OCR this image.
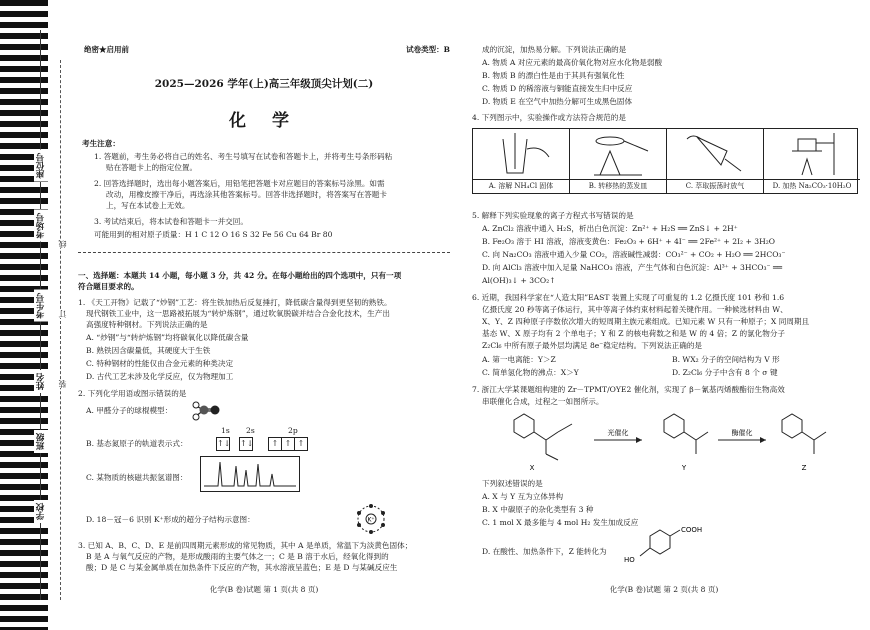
学校
班级
姓名
考生号
考场号
座位号
装
订
线
绝密★启用前	试卷类型：B
2025—2026 学年(上)高三年级顶尖计划(二)
化 学
考生注意：
1. 答题前，考生务必将自己的姓名、考生号填写在试卷和答题卡上，并将考生号条形码粘
贴在答题卡上的指定位置。
2. 回答选择题时，选出每小题答案后，用铅笔把答题卡对应题目的答案标号涂黑。如需
改动，用橡皮擦干净后，再选涂其他答案标号。回答非选择题时，将答案写在答题卡
上，写在本试卷上无效。
3. 考试结束后，将本试卷和答题卡一并交回。
可能用到的相对原子质量：H 1 C 12 O 16 S 32 Fe 56 Cu 64 Br 80
一、选择题：本题共 14 小题，每小题 3 分，共 42 分。在每小题给出的四个选项中，只有一项
符合题目要求的。
1. 《天工开物》记载了“炒钢”工艺：将生铁加热后反复捶打，降低碳含量得到更坚韧的熟铁。
现代钢铁工业中，这一思路被拓展为“转炉炼钢”，通过吹氧脱碳并结合合金化技术，生产出
高强度特种钢材。下列说法正确的是
A. “炒钢”与“转炉炼钢”均将碳氧化以降低碳含量
B. 熟铁因含碳量低，其硬度大于生铁
C. 特种钢材的性能仅由合金元素的种类决定
D. 古代工艺未涉及化学反应，仅为物理加工
2. 下列化学用语或图示错误的是
A. 甲醛分子的球棍模型：
B. 基态氮原子的轨道表示式：
1s 2s	2p
↑↓ ↑↓	↑ ↑ ↑
C. 某物质的核磁共振氢谱图：
D. 18－冠－6 识别 K⁺形成的超分子结构示意图：	K⁺
3. 已知 A、B、C、D、E 是前四周期元素形成的常见物质，其中 A 是单质，常温下为淡黄色固体；
B 是 A 与氧气反应的产物，是形成酸雨的主要气体之一；C 是 B 溶于水后，经氧化得到的
酸；D 是 C 与某金属单质在加热条件下反应的产物，其水溶液呈蓝色；E 是 D 与某碱反应生
化学(B 卷)试题 第 1 页(共 8 页)
成的沉淀，加热易分解。下列说法正确的是
A. 物质 A 对应元素的最高价氧化物对应水化物是弱酸
B. 物质 B 的漂白性是由于其具有强氧化性
C. 物质 D 的稀溶液与铜能直接发生归中反应
D. 物质 E 在空气中加热分解可生成黑色固体
4. 下列图示中，实验操作或方法符合规范的是
A. 溶解 NH₄Cl 固体	B. 转移热的蒸发皿	C. 萃取振荡时放气	D. 加热 Na₂CO₃·10H₂O
5. 解释下列实验现象的离子方程式书写错误的是
A. ZnCl₂ 溶液中通入 H₂S，析出白色沉淀：Zn²⁺ + H₂S ══ ZnS↓ + 2H⁺
B. Fe₂O₃ 溶于 HI 溶液，溶液变黄色：Fe₂O₃ + 6H⁺ + 4I⁻ ══ 2Fe²⁺ + 2I₂ + 3H₂O
C. 向 Na₂CO₃ 溶液中通入少量 CO₂，溶液碱性减弱：CO₃²⁻ + CO₂ + H₂O ══ 2HCO₃⁻
D. 向 AlCl₃ 溶液中加入足量 NaHCO₃ 溶液，产生气体和白色沉淀：Al³⁺ + 3HCO₃⁻ ══
Al(OH)₃↓ + 3CO₂↑
6. 近期，我国科学家在“人造太阳”EAST 装置上实现了可重复的 1.2 亿摄氏度 101 秒和 1.6
亿摄氏度 20 秒等离子体运行，其中等离子体约束材料起着关键作用。一种候选材料由 W、
X、Y、Z 四种原子序数依次增大的短周期主族元素组成。已知元素 W 只有一种原子；X 同周期且
基态 W、X 原子均有 2 个单电子；Y 和 Z 的核电荷数之和是 W 的 4 倍；Z 的氯化物分子
Z₂Cl₆ 中所有原子最外层均满足 8e⁻稳定结构。下列说法正确的是
A. 第一电离能：Y＞Z	B. WX₂ 分子的空间结构为 V 形
C. 简单氢化物的沸点：X＞Y	D. Z₂Cl₆ 分子中含有 8 个 σ 键
7. 浙江大学某课题组构建的 Zr－TPMT/OYE2 催化剂，实现了 β－氰基丙烯酸酯衍生物高效
串联催化合成，过程之一如图所示。
光催化	酶催化
X	Y	Z
下列叙述错误的是
A. X 与 Y 互为立体异构
B. X 中碳原子的杂化类型有 3 种
C. 1 mol X 最多能与 4 mol H₂ 发生加成反应
D. 在酸性、加热条件下，Z 能转化为
COOH
HO
化学(B 卷)试题 第 2 页(共 8 页)
